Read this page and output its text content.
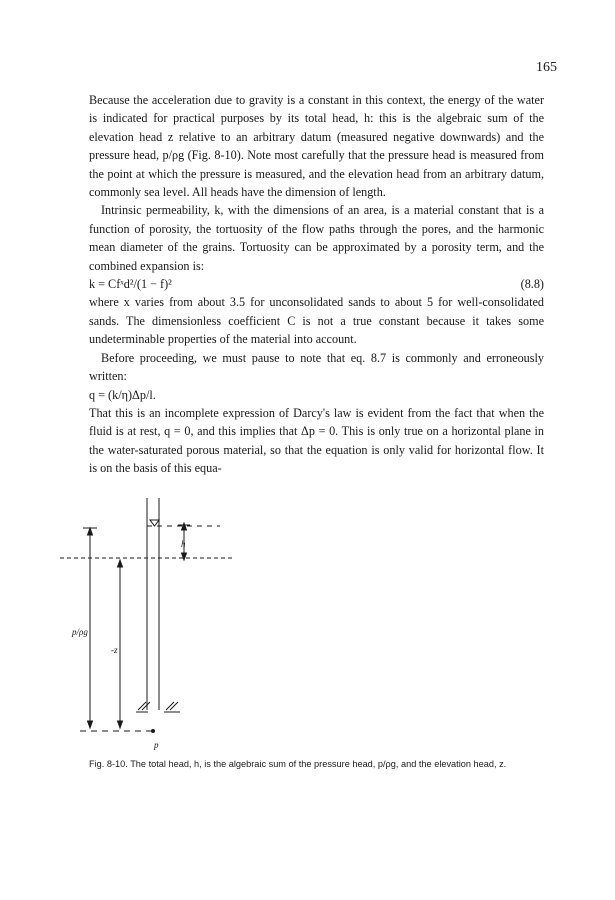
165

Because the acceleration due to gravity is a constant in this context, the energy of the water is indicated for practical purposes by its total head, h: this is the algebraic sum of the elevation head z relative to an arbitrary datum (measured negative downwards) and the pressure head, p/ρg (Fig. 8-10). Note most carefully that the pressure head is measured from the point at which the pressure is measured, and the elevation head from an arbitrary datum, commonly sea level. All heads have the dimension of length.

Intrinsic permeability, k, with the dimensions of an area, is a material constant that is a function of porosity, the tortuosity of the flow paths through the pores, and the harmonic mean diameter of the grains. Tortuosity can be approximated by a porosity term, and the combined expansion is:

k = Cfˣd²/(1 − f)²	(8.8)

where x varies from about 3.5 for unconsolidated sands to about 5 for well-consolidated sands. The dimensionless coefficient C is not a true constant because it takes some undeterminable properties of the material into account.

Before proceeding, we must pause to note that eq. 8.7 is commonly and erroneously written:

q = (k/η)Δp/l.

That this is an incomplete expression of Darcy's law is evident from the fact that when the fluid is at rest, q = 0, and this implies that Δp = 0. This is only true on a horizontal plane in the water-saturated porous material, so that the equation is only valid for horizontal flow. It is on the basis of this equa-

h
p/ρg
-z
p
Fig. 8-10. The total head, h, is the algebraic sum of the pressure head, p/ρg, and the elevation head, z.
